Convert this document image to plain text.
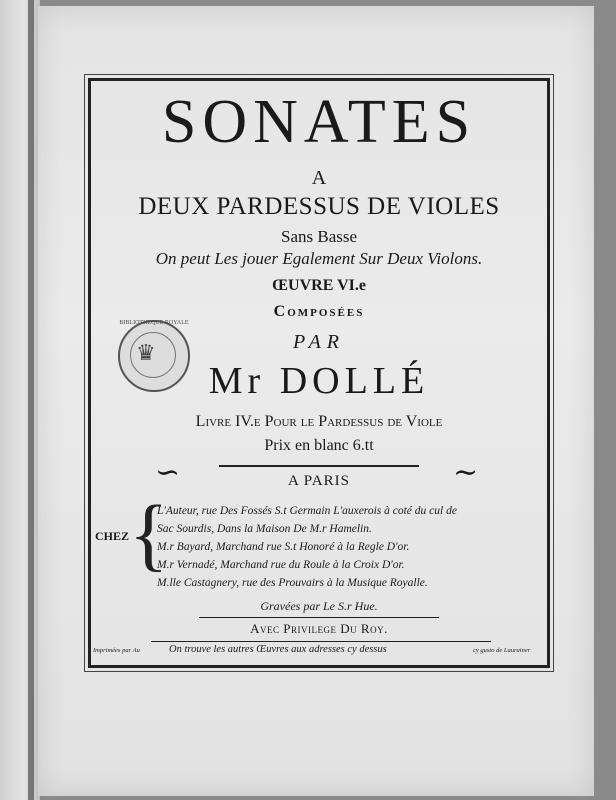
SONATES
A
DEUX PARDESSUS DE VIOLES
Sans Basse
On peut Les jouer Egalement Sur Deux Violons.
ŒUVRE VI.e
Composées
PAR
Mr DOLLÉ
Livre IV.e Pour le Pardessus de Viole
Prix en blanc 6.tt
∽	∼
A PARIS
{
CHEZ
L'Auteur, rue Des Fossés S.t Germain L'auxerois à coté du cul de
Sac Sourdis, Dans la Maison De M.r Hamelin.
M.r Bayard, Marchand rue S.t Honoré à la Regle D'or.
M.r Vernadé, Marchand rue du Roule à la Croix D'or.
M.lle Castagnery, rue des Prouvairs à la Musique Royalle.
Gravées par Le S.r Hue.
Avec Privilege Du Roy.
Imprimées par Au	On trouve les autres Œuvres aux adresses cy dessus	cy gusto de Laurainer
BIBLIOTHEQUE ROYALE
♛
